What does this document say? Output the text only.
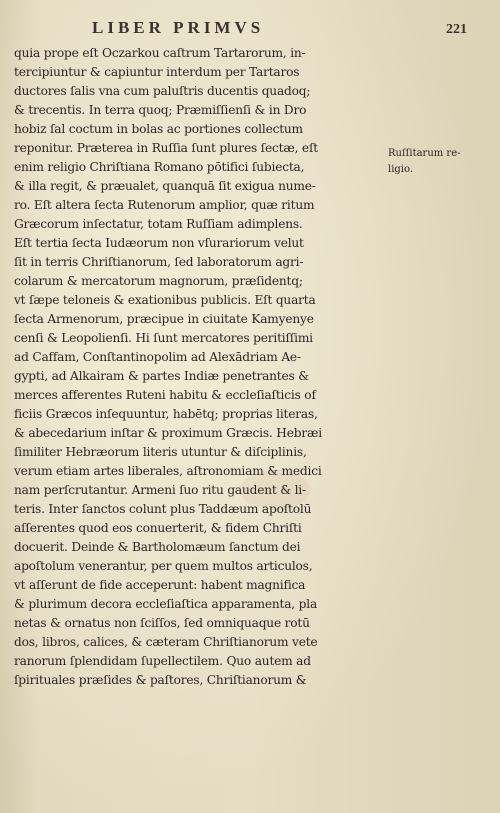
LIBER PRIMVS	221
quia prope eſt Oczarkou caſtrum Tartarorum, in‑
tercipiuntur & capiuntur interdum per Tartaros
ductores ſalis vna cum paluſtris ducentis quadoq;
& trecentis. In terra quoq; Præmiſſienſi & in Dro
hobiz ſal coctum in bolas ac portiones collectum
reponitur. Præterea in Ruſſia ſunt plures ſectæ, eſt
enim religio Chriſtiana Romano pōtifici ſubiecta,
& illa regit, & præualet, quanquā ſit exigua nume‑
ro. Eſt altera ſecta Rutenorum amplior, quæ ritum
Græcorum inſectatur, totam Ruſſiam adimplens.
Eſt tertia ſecta Iudæorum non vſurariorum velut
ſit in terris Chriſtianorum, ſed laboratorum agri‑
colarum & mercatorum magnorum, præſidentq;
vt ſæpe teloneis & exationibus publicis. Eſt quarta
ſecta Armenorum, præcipue in ciuitate Kamyenye
cenſi & Leopolienſi. Hi ſunt mercatores peritiſſimi
ad Caffam, Conſtantinopolim ad Alexādriam Ae‑
gypti, ad Alkairam & partes Indiæ penetrantes &
merces afferentes Ruteni habitu & eccleſiaſticis of
ficiis Græcos inſequuntur, habētq; proprias literas,
& abecedarium inſtar & proximum Græcis. Hebræi
ſimiliter Hebræorum literis utuntur & diſciplinis,
verum etiam artes liberales, aſtronomiam & medici
nam perſcrutantur. Armeni ſuo ritu gaudent & li‑
teris. Inter ſanctos colunt plus Taddæum apoſtolū
aſſerentes quod eos conuerterit, & fidem Chriſti
docuerit. Deinde & Bartholomæum ſanctum dei
apoſtolum venerantur, per quem multos articulos,
vt aſſerunt de fide acceperunt: habent magnifica
& plurimum decora eccleſiaſtica apparamenta, pla
netas & ornatus non ſciſſos, ſed omniquaque rotū
dos, libros, calices, & cæteram Chriſtianorum vete
ranorum ſplendidam ſupellectilem. Quo autem ad
ſpirituales præſides & paſtores, Chriſtianorum &
Ruſſitarum re‑
ligio.
